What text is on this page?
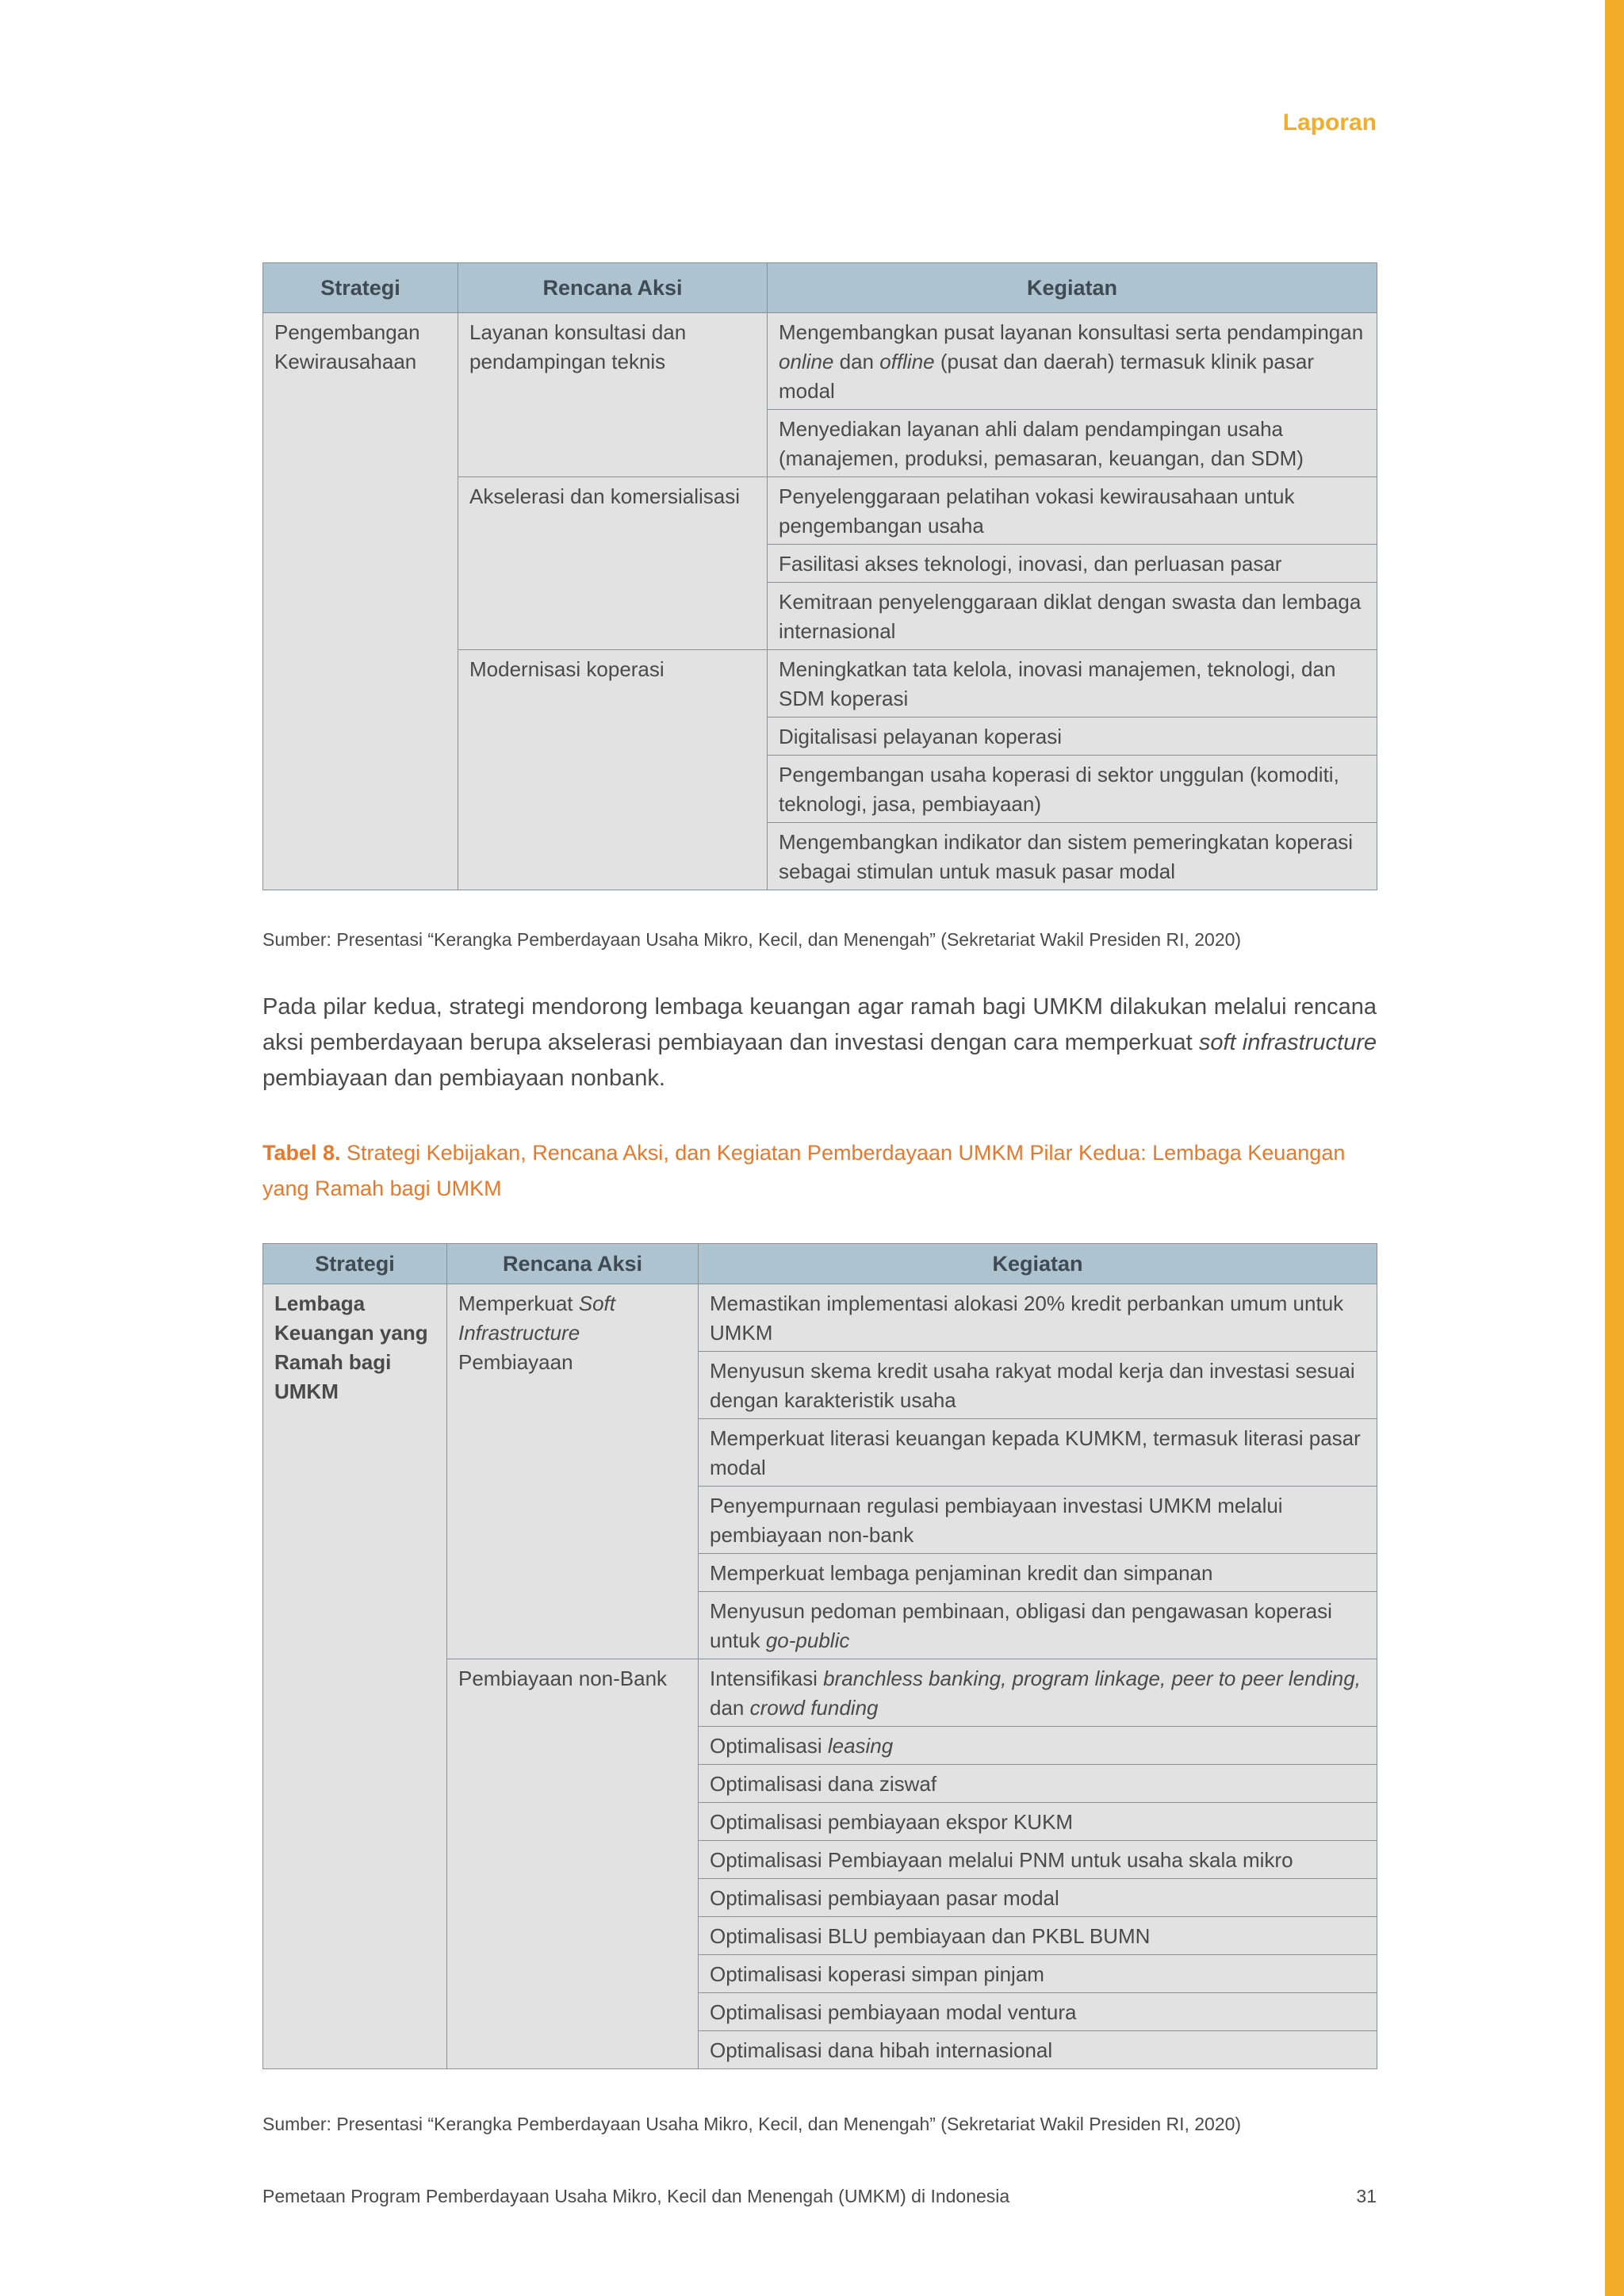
Laporan
Strategi	Rencana Aksi	Kegiatan
Pengembangan Kewirausahaan	Layanan konsultasi dan pendampingan teknis	Mengembangkan pusat layanan konsultasi serta pendampingan online dan offline (pusat dan daerah) termasuk klinik pasar modal
		Menyediakan layanan ahli dalam pendampingan usaha (manajemen, produksi, pemasaran, keuangan, dan SDM)
	Akselerasi dan komersialisasi	Penyelenggaraan pelatihan vokasi kewirausahaan untuk pengembangan usaha
		Fasilitasi akses teknologi, inovasi, dan perluasan pasar
		Kemitraan penyelenggaraan diklat dengan swasta dan lembaga internasional
	Modernisasi koperasi	Meningkatkan tata kelola, inovasi manajemen, teknologi, dan SDM koperasi
		Digitalisasi pelayanan koperasi
		Pengembangan usaha koperasi di sektor unggulan (komoditi, teknologi, jasa, pembiayaan)
		Mengembangkan indikator dan sistem pemeringkatan koperasi sebagai stimulan untuk masuk pasar modal
Sumber: Presentasi “Kerangka Pemberdayaan Usaha Mikro, Kecil, dan Menengah” (Sekretariat Wakil Presiden RI, 2020)
Pada pilar kedua, strategi mendorong lembaga keuangan agar ramah bagi UMKM dilakukan melalui rencana aksi pemberdayaan berupa akselerasi pembiayaan dan investasi dengan cara memperkuat soft infrastructure pembiayaan dan pembiayaan nonbank.
Tabel 8. Strategi Kebijakan, Rencana Aksi, dan Kegiatan Pemberdayaan UMKM Pilar Kedua: Lembaga Keuangan yang Ramah bagi UMKM
Strategi	Rencana Aksi	Kegiatan
Lembaga Keuangan yang Ramah bagi UMKM	Memperkuat Soft Infrastructure Pembiayaan	Memastikan implementasi alokasi 20% kredit perbankan umum untuk UMKM
		Menyusun skema kredit usaha rakyat modal kerja dan investasi sesuai dengan karakteristik usaha
		Memperkuat literasi keuangan kepada KUMKM, termasuk literasi pasar modal
		Penyempurnaan regulasi pembiayaan investasi UMKM melalui pembiayaan non-bank
		Memperkuat lembaga penjaminan kredit dan simpanan
		Menyusun pedoman pembinaan, obligasi dan pengawasan koperasi untuk go-public
	Pembiayaan non-Bank	Intensifikasi branchless banking, program linkage, peer to peer lending, dan crowd funding
		Optimalisasi leasing
		Optimalisasi dana ziswaf
		Optimalisasi pembiayaan ekspor KUKM
		Optimalisasi Pembiayaan melalui PNM untuk usaha skala mikro
		Optimalisasi pembiayaan pasar modal
		Optimalisasi BLU pembiayaan dan PKBL BUMN
		Optimalisasi koperasi simpan pinjam
		Optimalisasi pembiayaan modal ventura
		Optimalisasi dana hibah internasional
Sumber: Presentasi “Kerangka Pemberdayaan Usaha Mikro, Kecil, dan Menengah” (Sekretariat Wakil Presiden RI, 2020)
Pemetaan Program Pemberdayaan Usaha Mikro, Kecil dan Menengah (UMKM) di Indonesia	31
